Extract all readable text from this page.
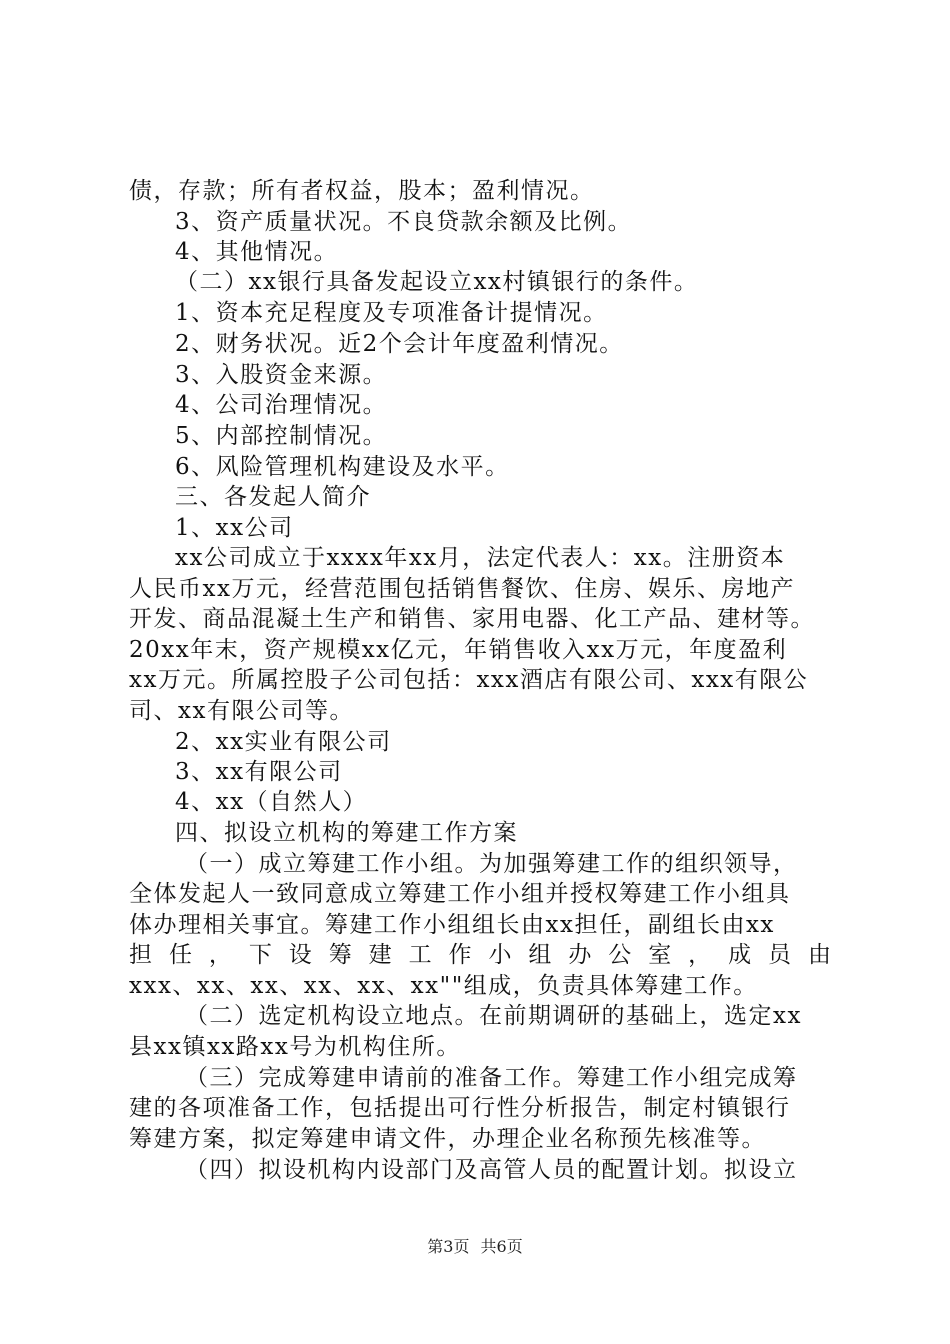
债，存款；所有者权益，股本；盈利情况。
3、资产质量状况。不良贷款余额及比例。
4、其他情况。
（二）xx银行具备发起设立xx村镇银行的条件。
1、资本充足程度及专项准备计提情况。
2、财务状况。近2个会计年度盈利情况。
3、入股资金来源。
4、公司治理情况。
5、内部控制情况。
6、风险管理机构建设及水平。
三、各发起人简介
1、xx公司
xx公司成立于xxxx年xx月，法定代表人：xx。注册资本
人民币xx万元，经营范围包括销售餐饮、住房、娱乐、房地产
开发、商品混凝土生产和销售、家用电器、化工产品、建材等。
20xx年末，资产规模xx亿元，年销售收入xx万元，年度盈利
xx万元。所属控股子公司包括：xxx酒店有限公司、xxx有限公
司、xx有限公司等。
2、xx实业有限公司
3、xx有限公司
4、xx（自然人）
四、拟设立机构的筹建工作方案
（一）成立筹建工作小组。为加强筹建工作的组织领导，
全体发起人一致同意成立筹建工作小组并授权筹建工作小组具
体办理相关事宜。筹建工作小组组长由xx担任，副组长由xx
担 任 ， 下 设 筹 建 工 作 小 组 办 公 室 ， 成 员 由
xxx、xx、xx、xx、xx、xx""组成，负责具体筹建工作。
（二）选定机构设立地点。在前期调研的基础上，选定xx
县xx镇xx路xx号为机构住所。
（三）完成筹建申请前的准备工作。筹建工作小组完成筹
建的各项准备工作，包括提出可行性分析报告，制定村镇银行
筹建方案，拟定筹建申请文件，办理企业名称预先核准等。
（四）拟设机构内设部门及高管人员的配置计划。拟设立
第3页 共6页
